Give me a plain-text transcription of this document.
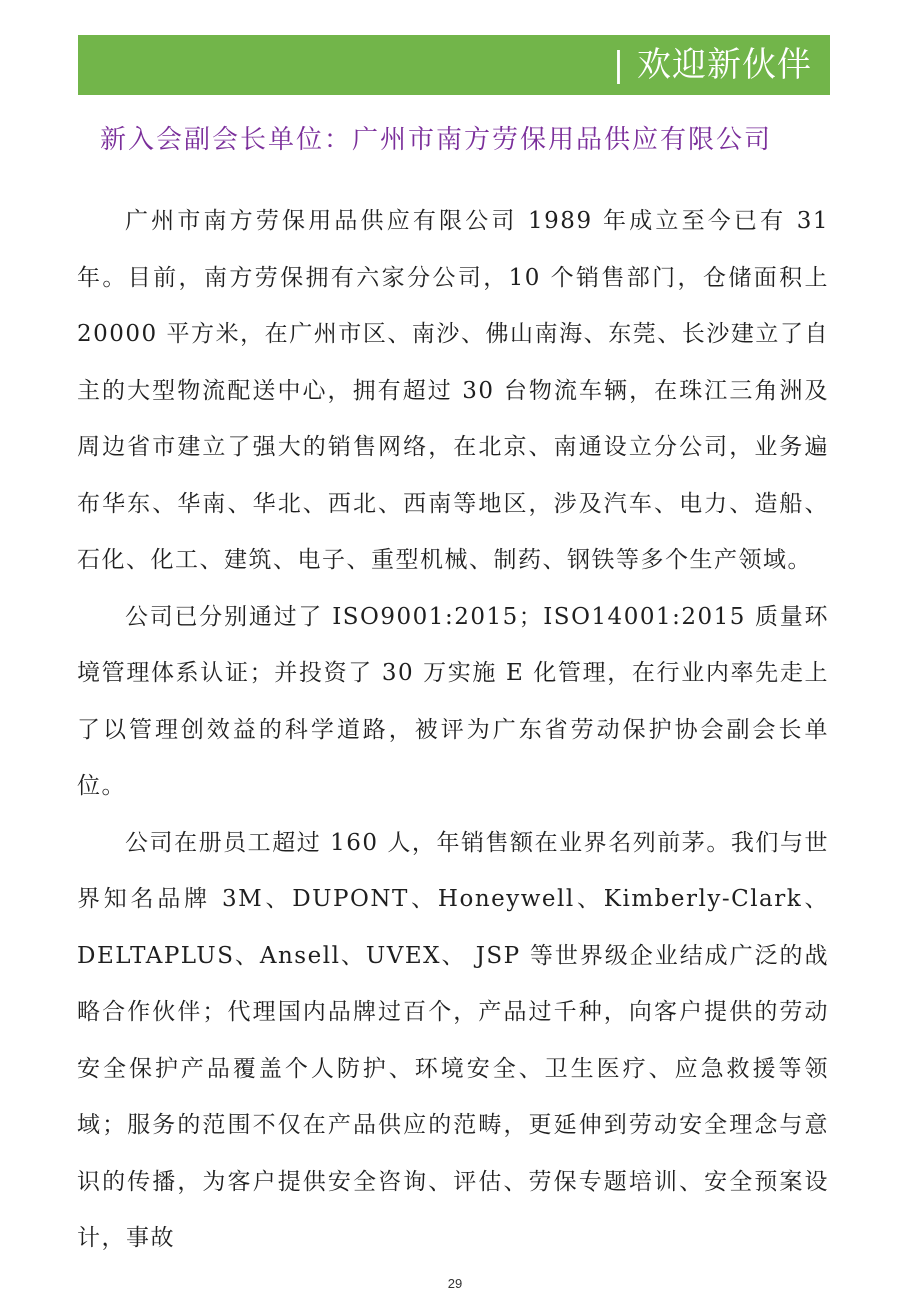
| 欢迎新伙伴
新入会副会长单位：广州市南方劳保用品供应有限公司

广州市南方劳保用品供应有限公司 1989 年成立至今已有 31 年。目前，南方劳保拥有六家分公司，10 个销售部门，仓储面积上 20000 平方米，在广州市区、南沙、佛山南海、东莞、长沙建立了自主的大型物流配送中心，拥有超过 30 台物流车辆，在珠江三角洲及周边省市建立了强大的销售网络，在北京、南通设立分公司，业务遍布华东、华南、华北、西北、西南等地区，涉及汽车、电力、造船、石化、化工、建筑、电子、重型机械、制药、钢铁等多个生产领域。

公司已分别通过了 ISO9001:2015；ISO14001:2015 质量环境管理体系认证；并投资了 30 万实施 E 化管理，在行业内率先走上了以管理创效益的科学道路，被评为广东省劳动保护协会副会长单位。

公司在册员工超过 160 人，年销售额在业界名列前茅。我们与世界知名品牌 3M、DUPONT、Honeywell、Kimberly-Clark、DELTAPLUS、Ansell、UVEX、 JSP 等世界级企业结成广泛的战略合作伙伴；代理国内品牌过百个，产品过千种，向客户提供的劳动安全保护产品覆盖个人防护、环境安全、卫生医疗、应急救援等领域；服务的范围不仅在产品供应的范畴，更延伸到劳动安全理念与意识的传播，为客户提供安全咨询、评估、劳保专题培训、安全预案设计，事故

29
